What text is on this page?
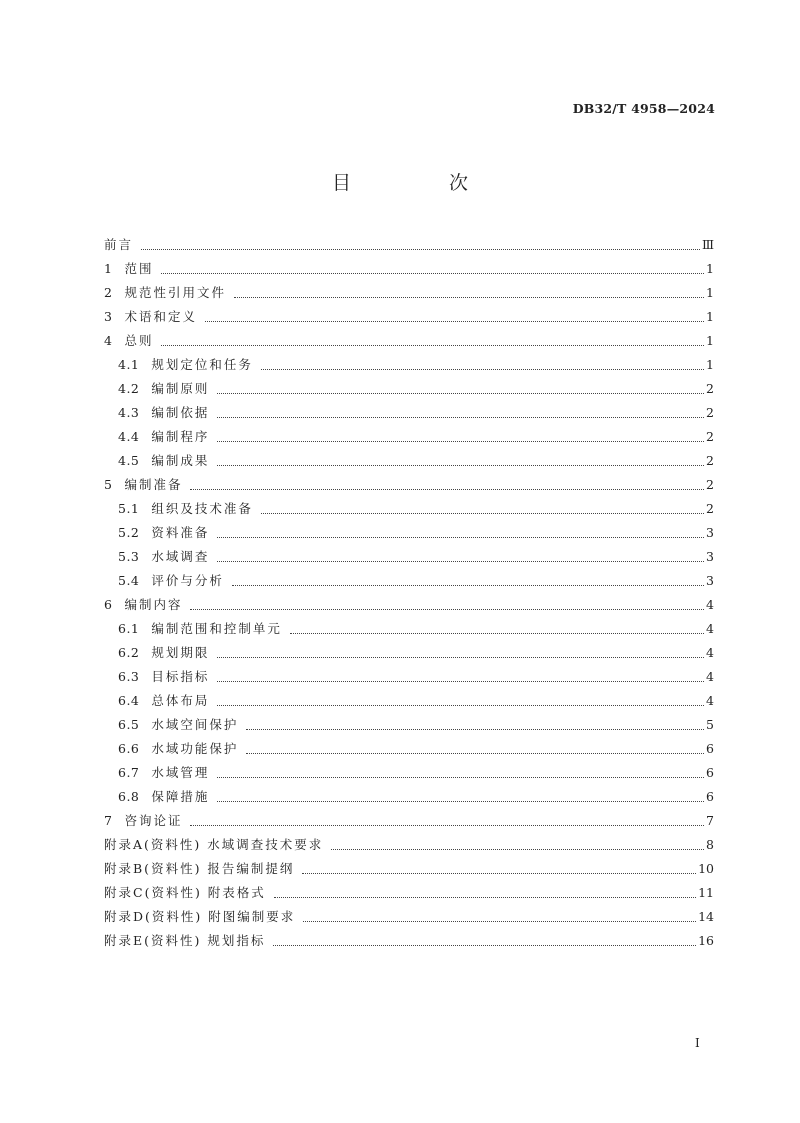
DB32/T 4958—2024
目 次
前言	Ⅲ
1 范围	1
2 规范性引用文件	1
3 术语和定义	1
4 总则	1
4.1 规划定位和任务	1
4.2 编制原则	2
4.3 编制依据	2
4.4 编制程序	2
4.5 编制成果	2
5 编制准备	2
5.1 组织及技术准备	2
5.2 资料准备	3
5.3 水域调查	3
5.4 评价与分析	3
6 编制内容	4
6.1 编制范围和控制单元	4
6.2 规划期限	4
6.3 目标指标	4
6.4 总体布局	4
6.5 水域空间保护	5
6.6 水域功能保护	6
6.7 水域管理	6
6.8 保障措施	6
7 咨询论证	7
附录A(资料性) 水域调查技术要求	8
附录B(资料性) 报告编制提纲	10
附录C(资料性) 附表格式	11
附录D(资料性) 附图编制要求	14
附录E(资料性) 规划指标	16
I
